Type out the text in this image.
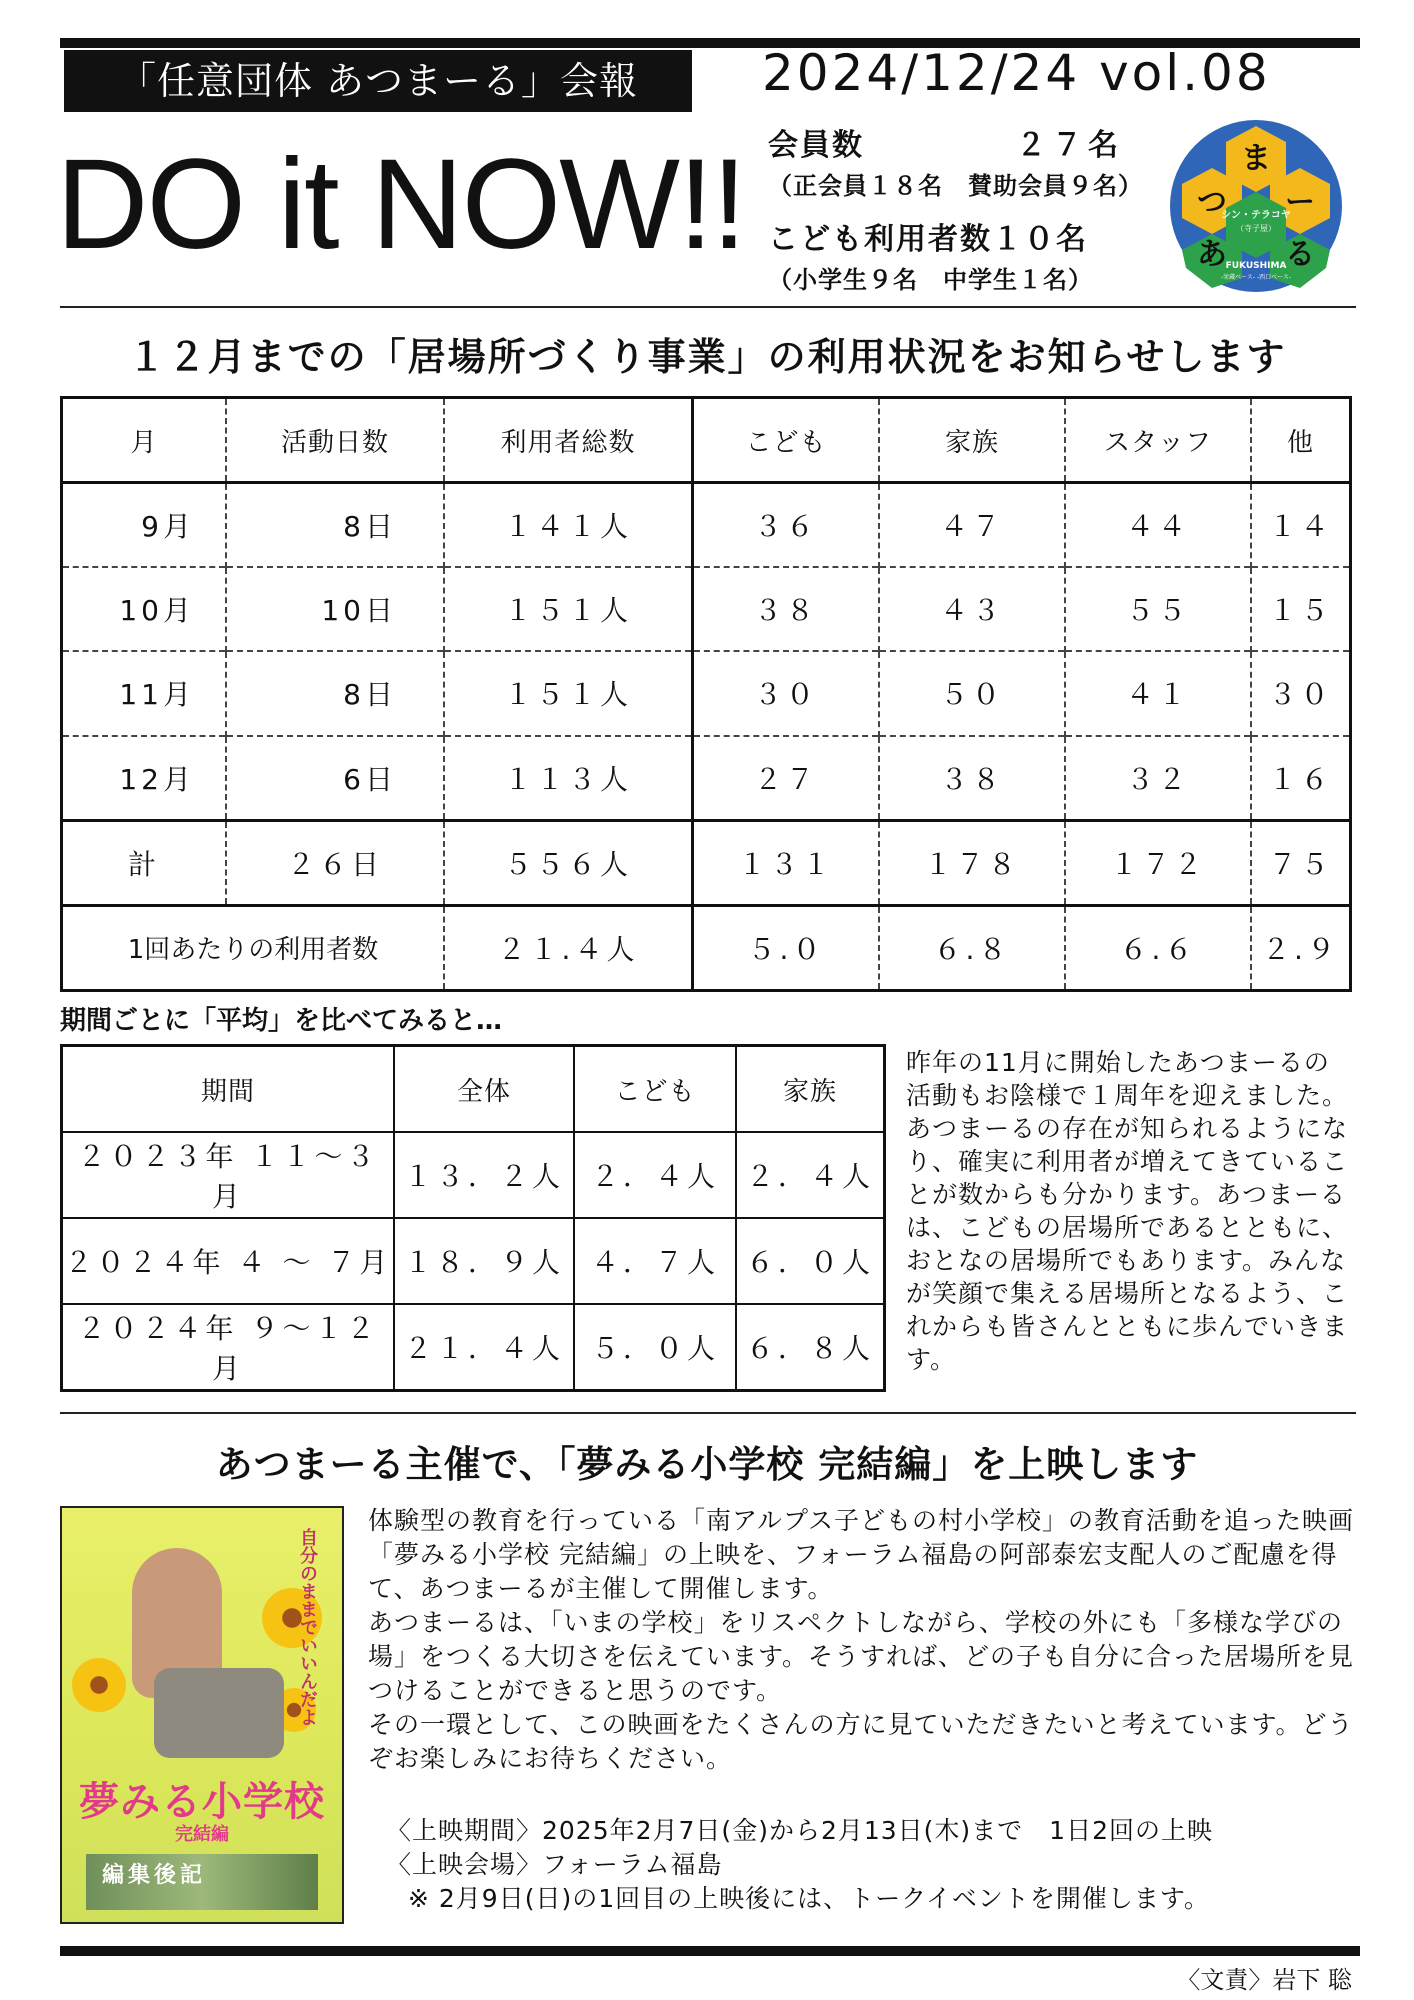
「任意団体 あつまーる」会報	2024/12/24 vol.08
DO it NOW!! 会員数	２７名
（正会員１８名　賛助会員９名）
こども利用者数１０名
（小学生９名　中学生１名）
ま
つ ー
あ る
シン・テラコヤ
（寺子屋）
FUKUSHIMA
-栄蔵ベース- -西口ベース-
１２月までの「居場所づくり事業」の利用状況をお知らせします
月	活動日数	利用者総数	こども	家族	スタッフ	他
9月	8日	１４１人	３６	４７	４４	１４
10月	10日	１５１人	３８	４３	５５	１５
11月	8日	１５１人	３０	５０	４１	３０
12月	6日	１１３人	２７	３８	３２	１６
計	２６日	５５６人	１３１	１７８	１７２	７５
1回あたりの利用者数		２１.４人	５.０	６.８	６.６	２.９
期間ごとに「平均」を比べてみると…
期間	全体	こども	家族
２０２３年 １１～３月	１３．２人	２．４人	２．４人
２０２４年 ４ ～ ７月	１８．９人	４．７人	６．０人
２０２４年 ９～１２月	２１．４人	５．０人	６．８人
昨年の11月に開始したあつまーるの活動もお陰様で１周年を迎えました。あつまーるの存在が知られるようになり、確実に利用者が増えてきていることが数からも分かります。あつまーるは、こどもの居場所であるとともに、おとなの居場所でもあります。みんなが笑顔で集える居場所となるよう、これからも皆さんとともに歩んでいきます。
あつまーる主催で、「夢みる小学校 完結編」を上映します
自分のままでいいんだよ
夢みる小学校
完結編
編集後記

体験型の教育を行っている「南アルプス子どもの村小学校」の教育活動を追った映画「夢みる小学校 完結編」の上映を、フォーラム福島の阿部泰宏支配人のご配慮を得て、あつまーるが主催して開催します。

あつまーるは、「いまの学校」をリスペクトしながら、学校の外にも「多様な学びの場」をつくる大切さを伝えています。そうすれば、どの子も自分に合った居場所を見つけることができると思うのです。

その一環として、この映画をたくさんの方に見ていただきたいと考えています。どうぞお楽しみにお待ちください。

〈上映期間〉2025年2月7日(金)から2月13日(木)まで　1日2回の上映
〈上映会場〉フォーラム福島
※ 2月9日(日)の1回目の上映後には、トークイベントを開催します。
〈文責〉岩下 聡
